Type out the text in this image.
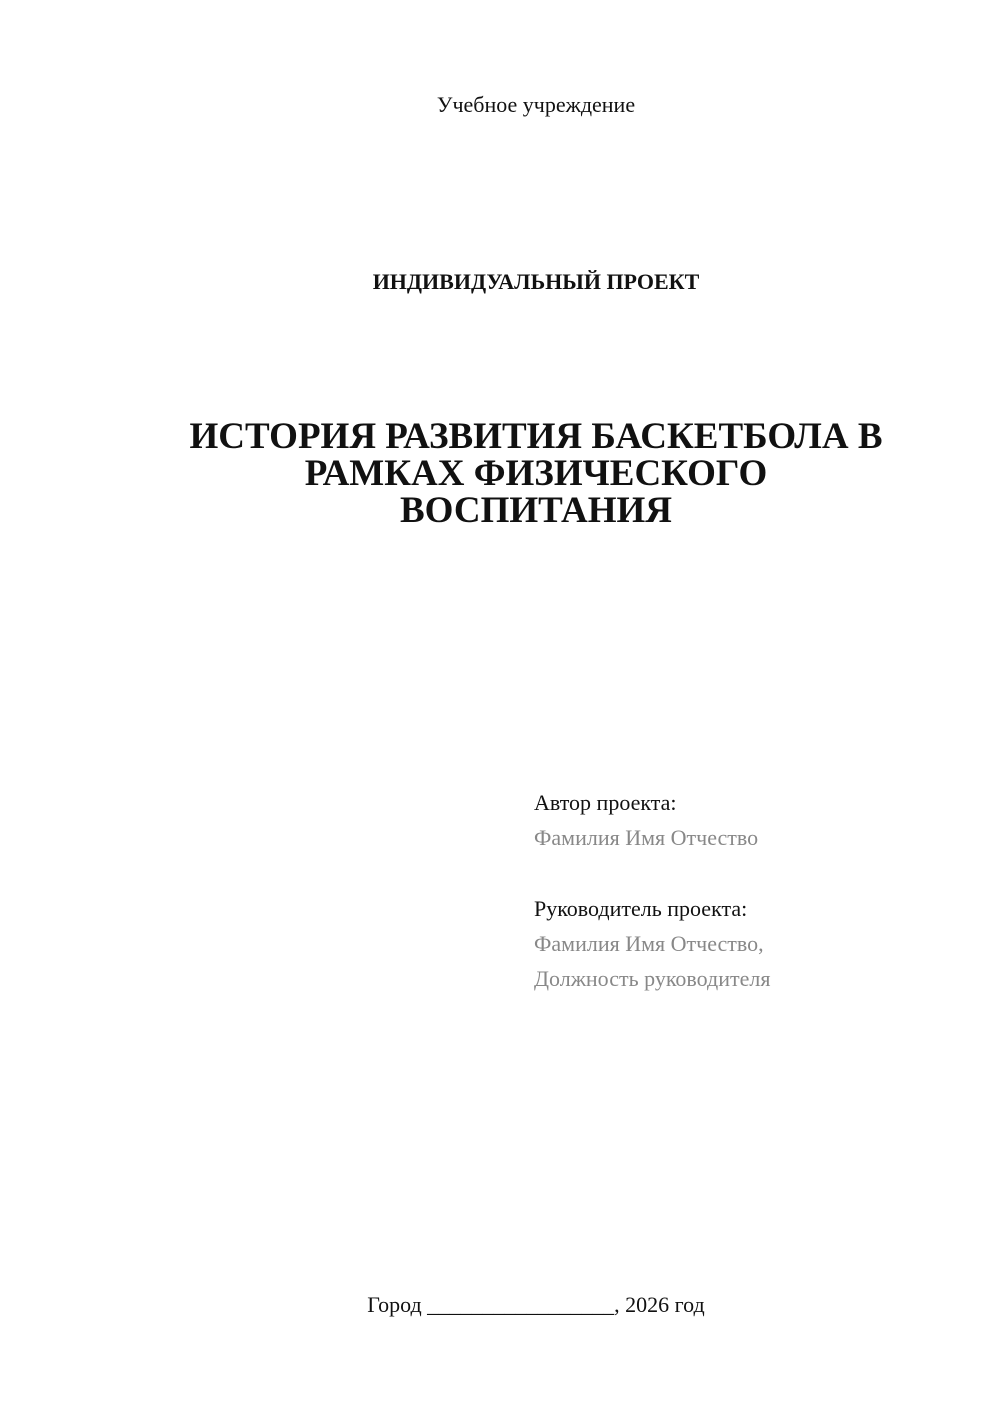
Учебное учреждение
ИНДИВИДУАЛЬНЫЙ ПРОЕКТ
ИСТОРИЯ РАЗВИТИЯ БАСКЕТБОЛА В
РАМКАХ ФИЗИЧЕСКОГО
ВОСПИТАНИЯ
Автор проекта:
Фамилия Имя Отчество
Руководитель проекта:
Фамилия Имя Отчество,
Должность руководителя
Город _________________, 2026 год
